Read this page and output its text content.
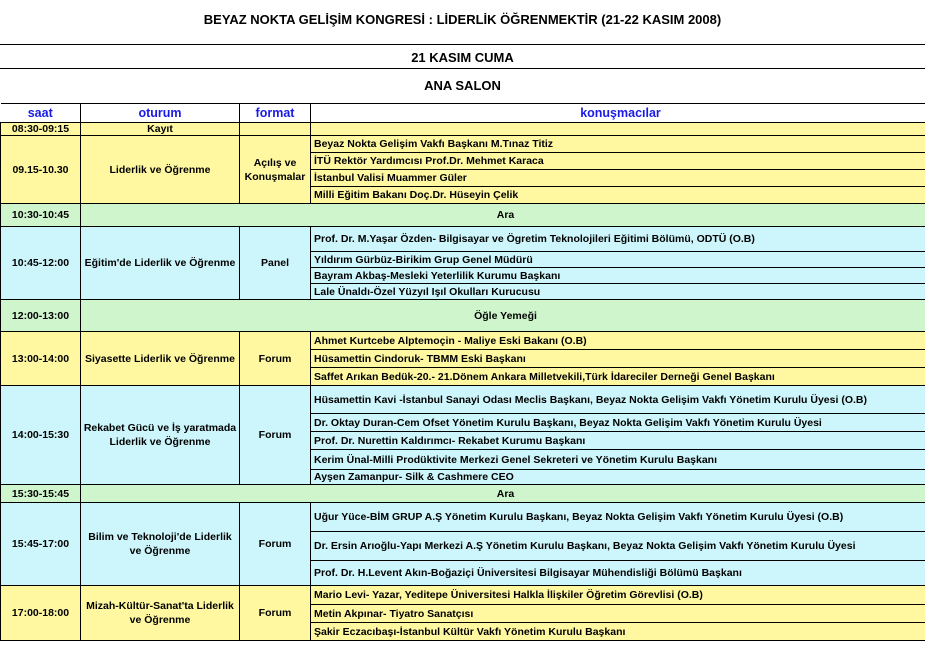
BEYAZ NOKTA GELİŞİM KONGRESİ : LİDERLİK ÖĞRENMEKTİR (21-22 KASIM 2008)
21 KASIM CUMA
ANA SALON
saat	oturum	format	konuşmacılar
08:30-09:15	Kayıt		
09.15-10.30	Liderlik ve Öğrenme	Açılış ve Konuşmalar	Beyaz Nokta Gelişim Vakfı Başkanı M.Tınaz Titiz
			İTÜ Rektör Yardımcısı Prof.Dr. Mehmet Karaca
			İstanbul Valisi Muammer Güler
			Milli Eğitim Bakanı Doç.Dr. Hüseyin Çelik
10:30-10:45	Ara		
10:45-12:00	Eğitim'de Liderlik ve Öğrenme	Panel	Prof. Dr. M.Yaşar Özden- Bilgisayar ve Ögretim Teknolojileri Eğitimi Bölümü, ODTÜ (O.B)
			Yıldırım Gürbüz-Birikim Grup Genel Müdürü
			Bayram Akbaş-Mesleki Yeterlilik Kurumu Başkanı
			Lale Ünaldı-Özel Yüzyıl Işıl Okulları Kurucusu
12:00-13:00	Öğle Yemeği		
13:00-14:00	Siyasette Liderlik ve Öğrenme	Forum	Ahmet Kurtcebe Alptemoçin - Maliye Eski Bakanı (O.B)
			Hüsamettin Cindoruk- TBMM Eski Başkanı
			Saffet Arıkan Bedük-20.- 21.Dönem Ankara Milletvekili,Türk İdareciler Derneği Genel Başkanı
14:00-15:30	Rekabet Gücü ve İş yaratmada Liderlik ve Öğrenme	Forum	Hüsamettin Kavi -İstanbul Sanayi Odası Meclis Başkanı, Beyaz Nokta Gelişim Vakfı Yönetim Kurulu Üyesi (O.B)
			Dr. Oktay Duran-Cem Ofset Yönetim Kurulu Başkanı, Beyaz Nokta Gelişim Vakfı Yönetim Kurulu Üyesi
			Prof. Dr. Nurettin Kaldırımcı- Rekabet Kurumu Başkanı
			Kerim Ünal-Milli Prodüktivite Merkezi Genel Sekreteri ve Yönetim Kurulu Başkanı
			Ayşen Zamanpur- Silk & Cashmere CEO
15:30-15:45	Ara		
15:45-17:00	Bilim ve Teknoloji'de Liderlik ve Öğrenme	Forum	Uğur Yüce-BİM GRUP A.Ş Yönetim Kurulu Başkanı, Beyaz Nokta Gelişim Vakfı Yönetim Kurulu Üyesi (O.B)
			Dr. Ersin Arıoğlu-Yapı Merkezi A.Ş Yönetim Kurulu Başkanı, Beyaz Nokta Gelişim Vakfı Yönetim Kurulu Üyesi
			Prof. Dr. H.Levent Akın-Boğaziçi Üniversitesi Bilgisayar Mühendisliği Bölümü Başkanı
17:00-18:00	Mizah-Kültür-Sanat'ta Liderlik ve Öğrenme	Forum	Mario Levi- Yazar, Yeditepe Üniversitesi Halkla İlişkiler Öğretim Görevlisi (O.B)
			Metin Akpınar- Tiyatro Sanatçısı
			Şakir Eczacıbaşı-İstanbul Kültür Vakfı Yönetim Kurulu Başkanı
